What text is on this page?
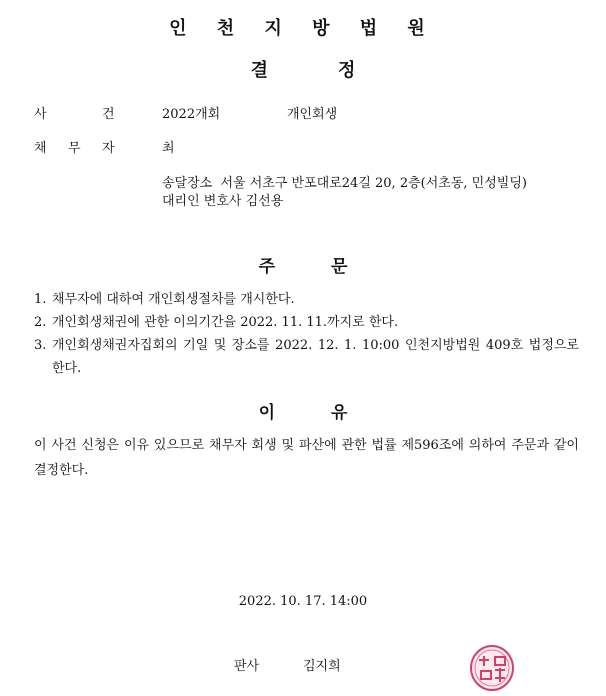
인 천 지 방 법 원
결	정
사	건	2022개회	개인회생
채 무 자	최
송달장소  서울 서초구 반포대로24길 20, 2층(서초동, 민성빌딩)
대리인 변호사 김선용
주	문
1. 채무자에 대하여 개인회생절차를 개시한다.
2. 개인회생채권에 관한 이의기간을 2022. 11. 11.까지로 한다.
3. 개인회생채권자집회의 기일 및 장소를 2022. 12. 1. 10:00 인천지방법원 409호 법정으로 한다.
이	유
이 사건 신청은 이유 있으므로 채무자 회생 및 파산에 관한 법률 제596조에 의하여 주문과 같이 결정한다.
2022. 10. 17. 14:00
판사	김지희
